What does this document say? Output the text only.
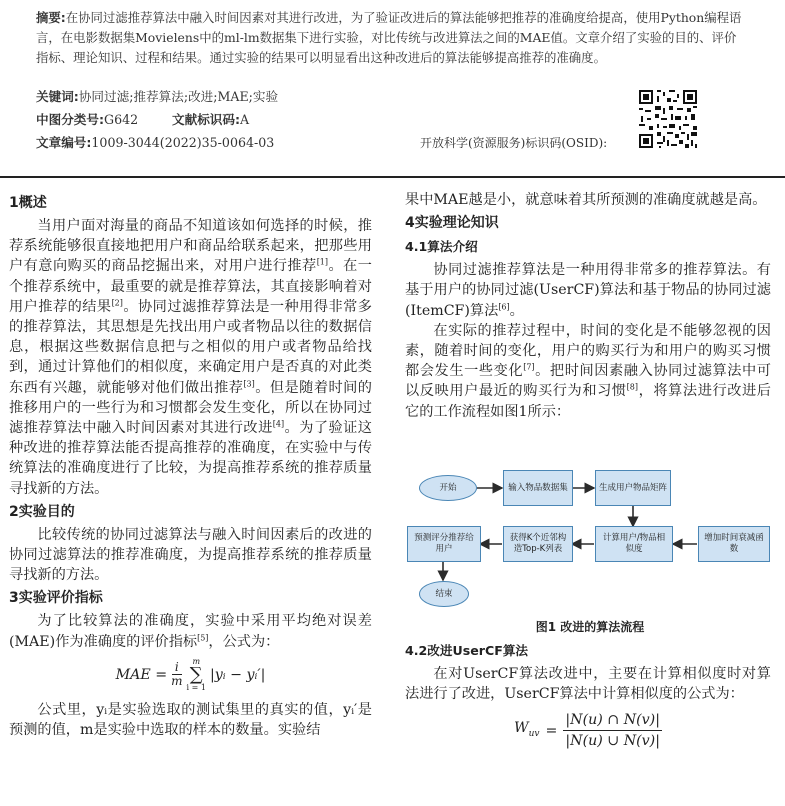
摘要:在协同过滤推荐算法中融入时间因素对其进行改进，为了验证改进后的算法能够把推荐的准确度给提高，使用Python编程语言，在电影数据集Movielens中的ml-lm数据集下进行实验，对比传统与改进算法之间的MAE值。文章介绍了实验的目的、评价指标、理论知识、过程和结果。通过实验的结果可以明显看出这种改进后的算法能够提高推荐的准确度。
关键词:协同过滤;推荐算法;改进;MAE;实验
中图分类号:G642	文献标识码:A
文章编号:1009-3044(2022)35-0064-03	开放科学(资源服务)标识码(OSID):
1概述

当用户面对海量的商品不知道该如何选择的时候，推荐系统能够很直接地把用户和商品给联系起来，把那些用户有意向购买的商品挖掘出来，对用户进行推荐[1]。在一个推荐系统中，最重要的就是推荐算法，其直接影响着对用户推荐的结果[2]。协同过滤推荐算法是一种用得非常多的推荐算法，其思想是先找出用户或者物品以往的数据信息，根据这些数据信息把与之相似的用户或者物品给找到，通过计算他们的相似度，来确定用户是否真的对此类东西有兴趣，就能够对他们做出推荐[3]。但是随着时间的推移用户的一些行为和习惯都会发生变化，所以在协同过滤推荐算法中融入时间因素对其进行改进[4]。为了验证这种改进的推荐算法能否提高推荐的准确度，在实验中与传统算法的准确度进行了比较，为提高推荐系统的推荐质量寻找新的方法。

2实验目的

比较传统的协同过滤算法与融入时间因素后的改进的协同过滤算法的推荐准确度，为提高推荐系统的推荐质量寻找新的方法。

3实验评价指标

为了比较算法的准确度，实验中采用平均绝对误差(MAE)作为准确度的评价指标[5]，公式为：

MAE = $\frac{i}{m}$ m
∑
i = 1
|yᵢ − yᵢ′|

公式里，yᵢ是实验选取的测试集里的真实的值，yᵢ′是预测的值，m是实验中选取的样本的数量。实验结

果中MAE越是小，就意味着其所预测的准确度就越是高。

4实验理论知识
4.1算法介绍

协同过滤推荐算法是一种用得非常多的推荐算法。有基于用户的协同过滤(UserCF)算法和基于物品的协同过滤(ItemCF)算法[6]。

在实际的推荐过程中，时间的变化是不能够忽视的因素，随着时间的变化，用户的购买行为和用户的购买习惯都会发生一些变化[7]。把时间因素融入协同过滤算法中可以反映用户最近的购买行为和习惯[8]，将算法进行改进后它的工作流程如图1所示：

开始	输入物品数据集	生成用户物品矩阵
增加时间衰减函数
计算用户/物品相似度
获得K个近邻构造Top-K列表
预测评分推荐给用户
结束
图1 改进的算法流程
4.2改进UserCF算法

在对UserCF算法改进中，主要在计算相似度时对算法进行了改进，UserCF算法中计算相似度的公式为：

$W_{uv} = \frac{|N(u) \cap N(v)|}{|N(u) \cup N(v)|}$
